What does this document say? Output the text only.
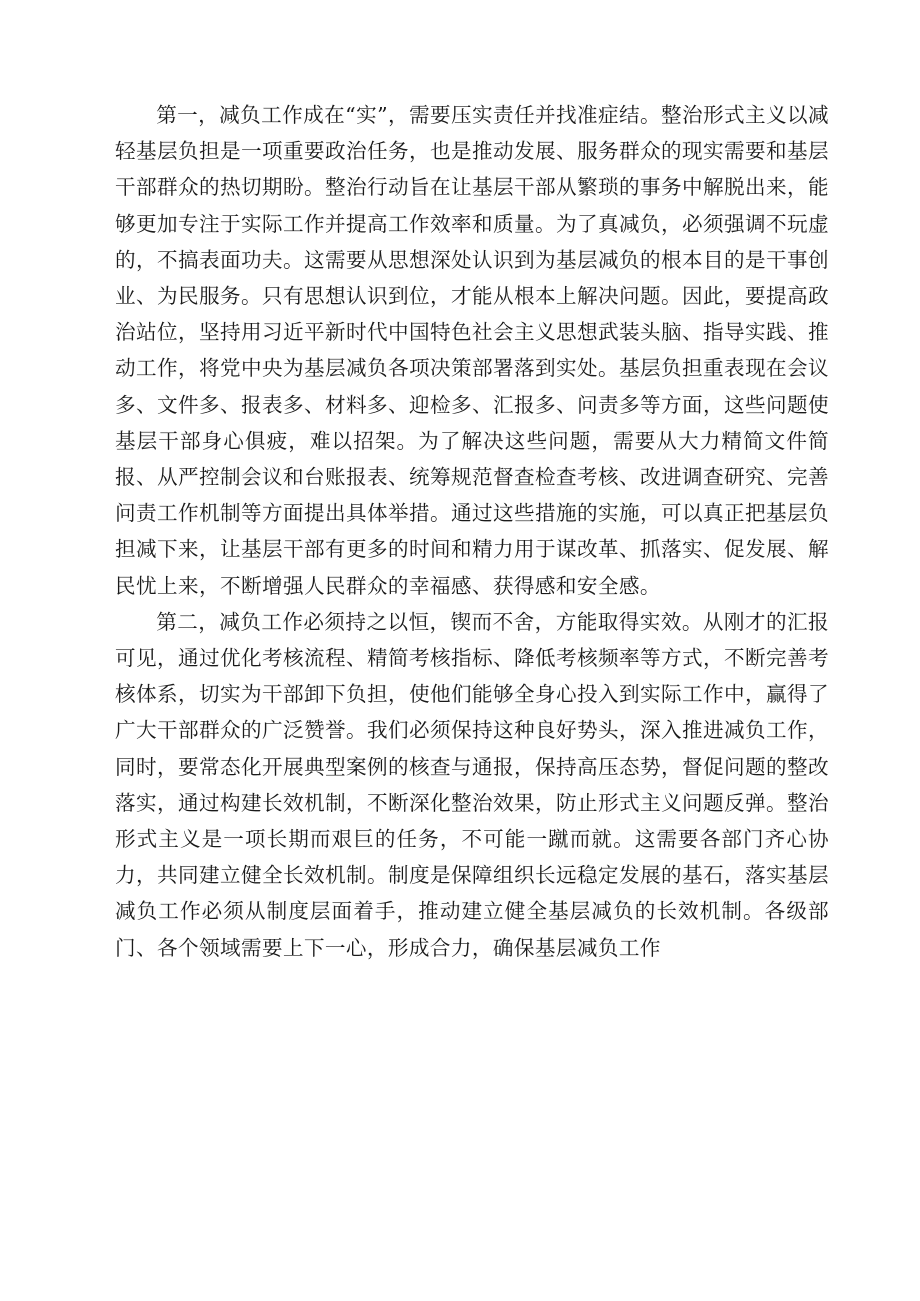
第一，减负工作成在“实”，需要压实责任并找准症结。整治形式主义以减轻基层负担是一项重要政治任务，也是推动发展、服务群众的现实需要和基层干部群众的热切期盼。整治行动旨在让基层干部从繁琐的事务中解脱出来，能够更加专注于实际工作并提高工作效率和质量。为了真减负，必须强调不玩虚的，不搞表面功夫。这需要从思想深处认识到为基层减负的根本目的是干事创业、为民服务。只有思想认识到位，才能从根本上解决问题。因此，要提高政治站位，坚持用习近平新时代中国特色社会主义思想武装头脑、指导实践、推动工作，将党中央为基层减负各项决策部署落到实处。基层负担重表现在会议多、文件多、报表多、材料多、迎检多、汇报多、问责多等方面，这些问题使基层干部身心俱疲，难以招架。为了解决这些问题，需要从大力精简文件简报、从严控制会议和台账报表、统筹规范督查检查考核、改进调查研究、完善问责工作机制等方面提出具体举措。通过这些措施的实施，可以真正把基层负担减下来，让基层干部有更多的时间和精力用于谋改革、抓落实、促发展、解民忧上来，不断增强人民群众的幸福感、获得感和安全感。

第二，减负工作必须持之以恒，锲而不舍，方能取得实效。从刚才的汇报可见，通过优化考核流程、精简考核指标、降低考核频率等方式，不断完善考核体系，切实为干部卸下负担，使他们能够全身心投入到实际工作中，赢得了广大干部群众的广泛赞誉。我们必须保持这种良好势头，深入推进减负工作，同时，要常态化开展典型案例的核查与通报，保持高压态势，督促问题的整改落实，通过构建长效机制，不断深化整治效果，防止形式主义问题反弹。整治形式主义是一项长期而艰巨的任务，不可能一蹴而就。这需要各部门齐心协力，共同建立健全长效机制。制度是保障组织长远稳定发展的基石，落实基层减负工作必须从制度层面着手，推动建立健全基层减负的长效机制。各级部门、各个领域需要上下一心，形成合力，确保基层减负工作
